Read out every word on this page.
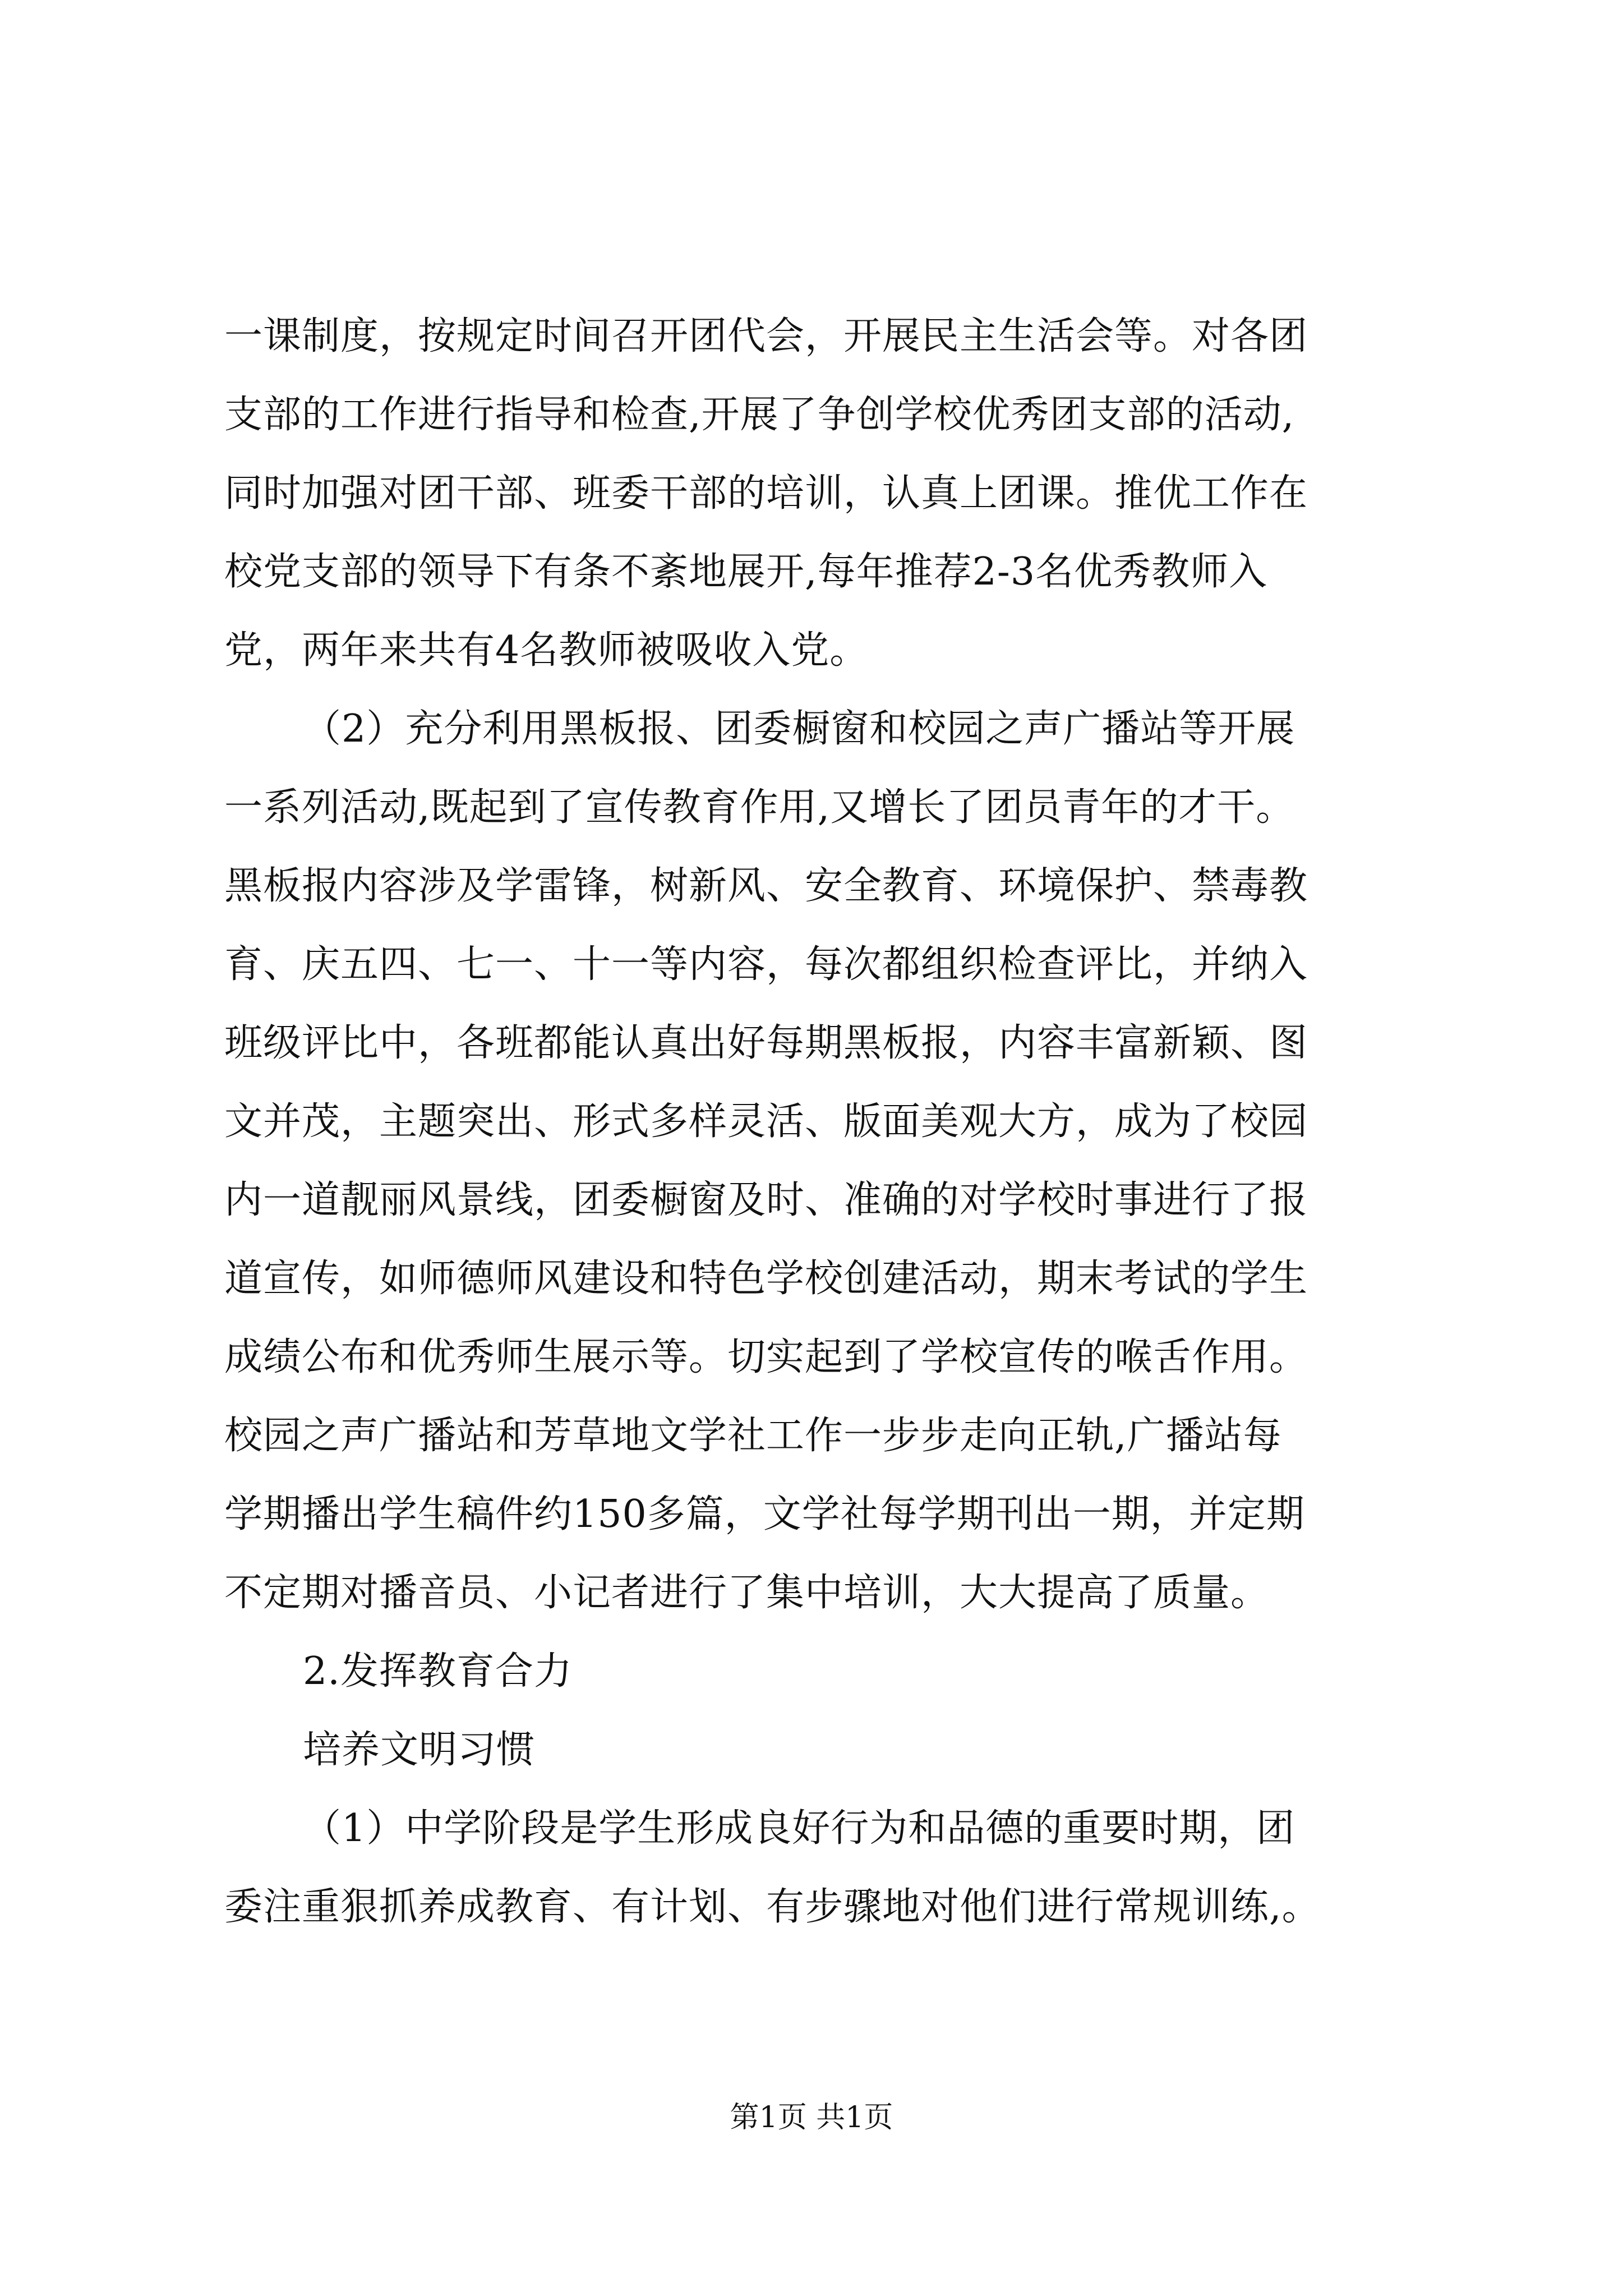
一课制度，按规定时间召开团代会，开展民主生活会等。对各团
支部的工作进行指导和检查,开展了争创学校优秀团支部的活动,
同时加强对团干部、班委干部的培训，认真上团课。推优工作在
校党支部的领导下有条不紊地展开,每年推荐2-3名优秀教师入
党，两年来共有4名教师被吸收入党。
（2）充分利用黑板报、团委橱窗和校园之声广播站等开展
一系列活动,既起到了宣传教育作用,又增长了团员青年的才干。
黑板报内容涉及学雷锋，树新风、安全教育、环境保护、禁毒教
育、庆五四、七一、十一等内容，每次都组织检查评比，并纳入
班级评比中，各班都能认真出好每期黑板报，内容丰富新颖、图
文并茂，主题突出、形式多样灵活、版面美观大方，成为了校园
内一道靓丽风景线，团委橱窗及时、准确的对学校时事进行了报
道宣传，如师德师风建设和特色学校创建活动，期末考试的学生
成绩公布和优秀师生展示等。切实起到了学校宣传的喉舌作用。
校园之声广播站和芳草地文学社工作一步步走向正轨,广播站每
学期播出学生稿件约150多篇，文学社每学期刊出一期，并定期
不定期对播音员、小记者进行了集中培训，大大提高了质量。
2.发挥教育合力
培养文明习惯
（1）中学阶段是学生形成良好行为和品德的重要时期，团
委注重狠抓养成教育、有计划、有步骤地对他们进行常规训练,。
第1页 共1页
